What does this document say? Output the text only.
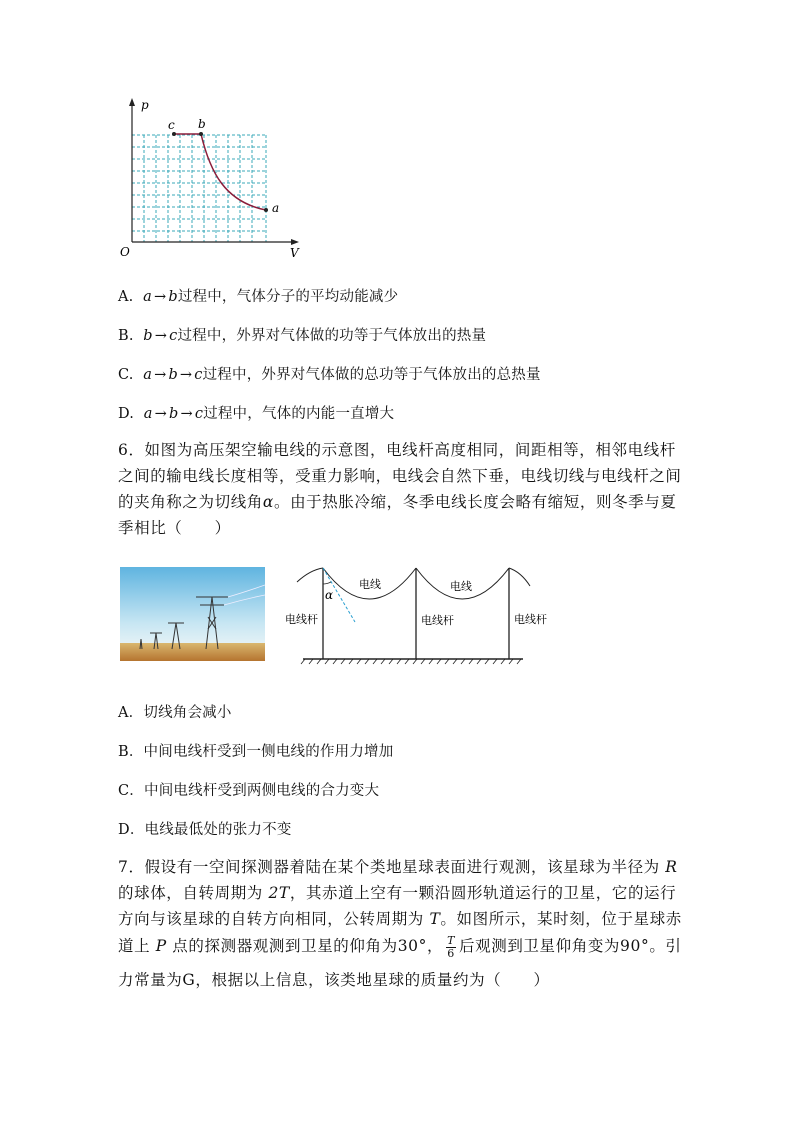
p
V
O
c b
a
A. a → b过程中，气体分子的平均动能减少
B. b → c过程中，外界对气体做的功等于气体放出的热量
C. a → b → c过程中，外界对气体做的总功等于气体放出的总热量
D. a → b → c过程中，气体的内能一直增大
6．如图为高压架空输电线的示意图，电线杆高度相同，间距相等，相邻电线杆
之间的输电线长度相等，受重力影响，电线会自然下垂，电线切线与电线杆之间
的夹角称之为切线角α。由于热胀冷缩，冬季电线长度会略有缩短，则冬季与夏
季相比（　　）
电线	电线
α
电线杆	电线杆	电线杆
A．切线角会减小
B．中间电线杆受到一侧电线的作用力增加
C．中间电线杆受到两侧电线的合力变大
D．电线最低处的张力不变
7．假设有一空间探测器着陆在某个类地星球表面进行观测，该星球为半径为 R
的球体，自转周期为 2T，其赤道上空有一颗沿圆形轨道运行的卫星，它的运行
方向与该星球的自转方向相同，公转周期为 T。如图所示，某时刻，位于星球赤
道上 P 点的探测器观测到卫星的仰角为30°， $\frac{T}{6}$ 后观测到卫星仰角变为90°。引
力常量为G，根据以上信息，该类地星球的质量约为（　　）
